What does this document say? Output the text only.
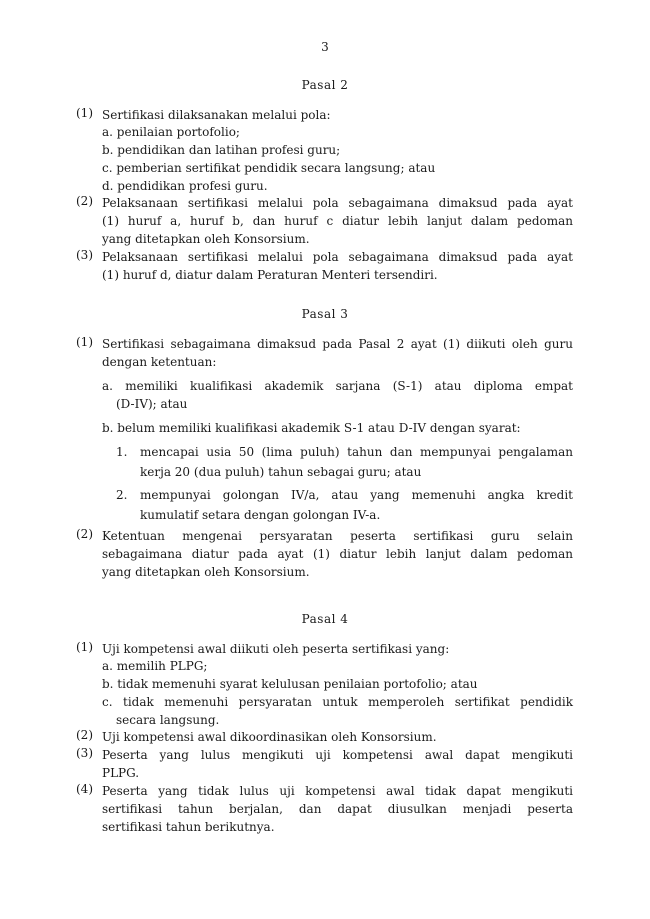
3
Pasal 2
(1) Sertifikasi dilaksanakan melalui pola:
a. penilaian portofolio;
b. pendidikan dan latihan profesi guru;
c. pemberian sertifikat pendidik secara langsung; atau
d. pendidikan profesi guru.
(2) Pelaksanaan sertifikasi melalui pola sebagaimana dimaksud pada ayat
(1) huruf a, huruf b, dan huruf c diatur lebih lanjut dalam pedoman
yang ditetapkan oleh Konsorsium.
(3) Pelaksanaan sertifikasi melalui pola sebagaimana dimaksud pada ayat
(1) huruf d, diatur dalam Peraturan Menteri tersendiri.
Pasal 3
(1) Sertifikasi sebagaimana dimaksud pada Pasal 2 ayat (1) diikuti oleh guru
dengan ketentuan:
a. memiliki kualifikasi akademik sarjana (S-1) atau diploma empat
(D-IV); atau
b. belum memiliki kualifikasi akademik S-1 atau D-IV dengan syarat:
1. mencapai usia 50 (lima puluh) tahun dan mempunyai pengalaman
kerja 20 (dua puluh) tahun sebagai guru; atau
2. mempunyai golongan IV/a, atau yang memenuhi angka kredit
kumulatif setara dengan golongan IV-a.
(2) Ketentuan mengenai persyaratan peserta sertifikasi guru selain
sebagaimana diatur pada ayat (1) diatur lebih lanjut dalam pedoman
yang ditetapkan oleh Konsorsium.
Pasal 4
(1) Uji kompetensi awal diikuti oleh peserta sertifikasi yang:
a. memilih PLPG;
b. tidak memenuhi syarat kelulusan penilaian portofolio; atau
c. tidak memenuhi persyaratan untuk memperoleh sertifikat pendidik
secara langsung.
(2) Uji kompetensi awal dikoordinasikan oleh Konsorsium.
(3) Peserta yang lulus mengikuti uji kompetensi awal dapat mengikuti
PLPG.
(4) Peserta yang tidak lulus uji kompetensi awal tidak dapat mengikuti
sertifikasi tahun berjalan, dan dapat diusulkan menjadi peserta
sertifikasi tahun berikutnya.
